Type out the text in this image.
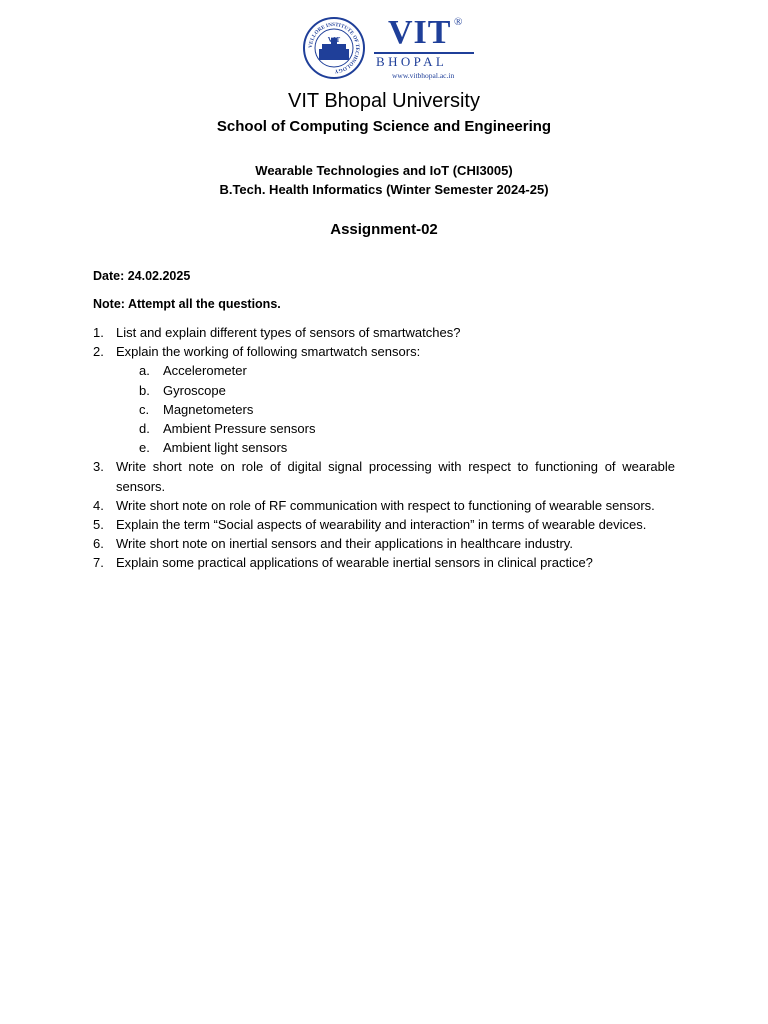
VELLORE INSTITUTE OF TECHNOLOGY
VIT VIT ®
BHOPAL
www.vitbhopal.ac.in
VIT Bhopal University
School of Computing Science and Engineering
Wearable Technologies and IoT (CHI3005)
B.Tech. Health Informatics (Winter Semester 2024-25)
Assignment-02
Date: 24.02.2025
Note: Attempt all the questions.
1. List and explain different types of sensors of smartwatches?
2. Explain the working of following smartwatch sensors:
a. Accelerometer
b. Gyroscope
c. Magnetometers
d. Ambient Pressure sensors
e. Ambient light sensors
3. Write short note on role of digital signal processing with respect to functioning of wearable sensors.
4. Write short note on role of RF communication with respect to functioning of wearable sensors.
5. Explain the term “Social aspects of wearability and interaction” in terms of wearable devices.
6. Write short note on inertial sensors and their applications in healthcare industry.
7. Explain some practical applications of wearable inertial sensors in clinical practice?
